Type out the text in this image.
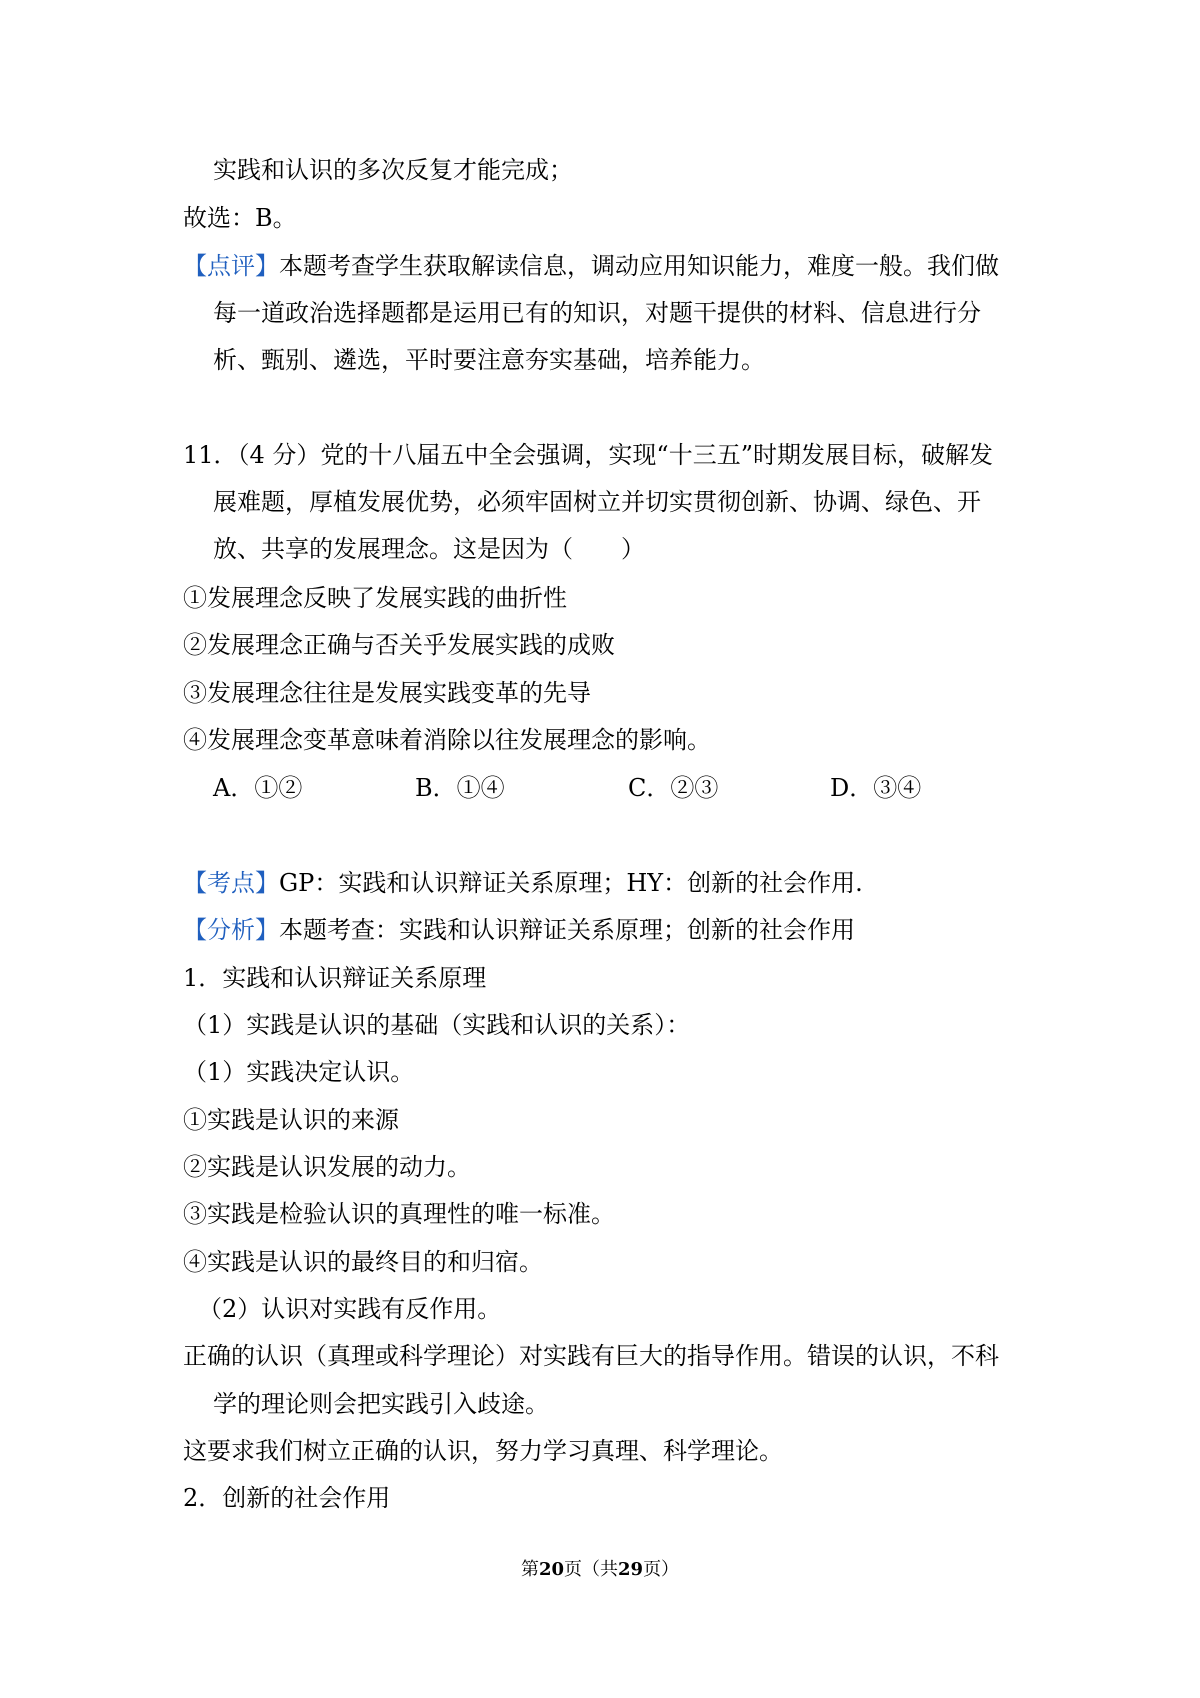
实践和认识的多次反复才能完成；
故选：B。
【点评】本题考查学生获取解读信息，调动应用知识能力，难度一般。我们做
每一道政治选择题都是运用已有的知识，对题干提供的材料、信息进行分
析、甄别、遴选，平时要注意夯实基础，培养能力。
11．（4 分）党的十八届五中全会强调，实现“十三五”时期发展目标，破解发
展难题，厚植发展优势，必须牢固树立并切实贯彻创新、协调、绿色、开
放、共享的发展理念。这是因为（　　）
①发展理念反映了发展实践的曲折性
②发展理念正确与否关乎发展实践的成败
③发展理念往往是发展实践变革的先导
④发展理念变革意味着消除以往发展理念的影响。
A．①②	B．①④	C．②③	D．③④
【考点】GP：实践和认识辩证关系原理；HY：创新的社会作用.
【分析】本题考查：实践和认识辩证关系原理；创新的社会作用
1．实践和认识辩证关系原理
（1）实践是认识的基础（实践和认识的关系）：
（1）实践决定认识。
①实践是认识的来源
②实践是认识发展的动力。
③实践是检验认识的真理性的唯一标准。
④实践是认识的最终目的和归宿。
（2）认识对实践有反作用。
正确的认识（真理或科学理论）对实践有巨大的指导作用。错误的认识，不科
学的理论则会把实践引入歧途。
这要求我们树立正确的认识，努力学习真理、科学理论。
2．创新的社会作用
第20页（共29页）
